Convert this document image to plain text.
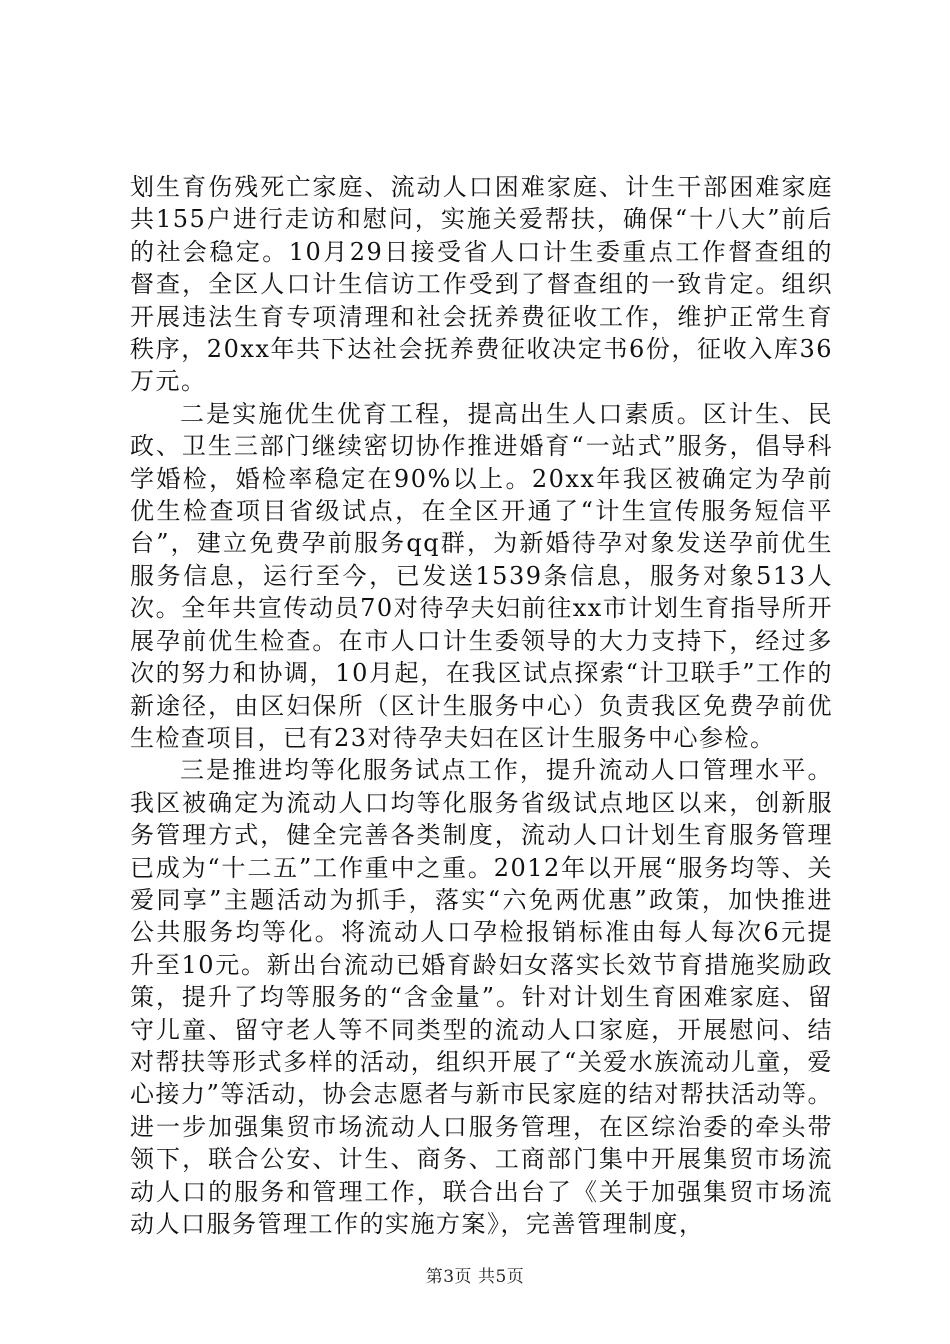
划生育伤残死亡家庭、流动人口困难家庭、计生干部困难家庭共155户进行走访和慰问，实施关爱帮扶，确保“十八大”前后的社会稳定。10月29日接受省人口计生委重点工作督查组的督查，全区人口计生信访工作受到了督查组的一致肯定。组织开展违法生育专项清理和社会抚养费征收工作，维护正常生育秩序，20xx年共下达社会抚养费征收决定书6份，征收入库36万元。

二是实施优生优育工程，提高出生人口素质。区计生、民政、卫生三部门继续密切协作推进婚育“一站式”服务，倡导科学婚检，婚检率稳定在90%以上。20xx年我区被确定为孕前优生检查项目省级试点，在全区开通了“计生宣传服务短信平台”，建立免费孕前服务qq群，为新婚待孕对象发送孕前优生服务信息，运行至今，已发送1539条信息，服务对象513人次。全年共宣传动员70对待孕夫妇前往xx市计划生育指导所开展孕前优生检查。在市人口计生委领导的大力支持下，经过多次的努力和协调，10月起，在我区试点探索“计卫联手”工作的新途径，由区妇保所（区计生服务中心）负责我区免费孕前优生检查项目，已有23对待孕夫妇在区计生服务中心参检。

三是推进均等化服务试点工作，提升流动人口管理水平。我区被确定为流动人口均等化服务省级试点地区以来，创新服务管理方式，健全完善各类制度，流动人口计划生育服务管理已成为“十二五”工作重中之重。2012年以开展“服务均等、关爱同享”主题活动为抓手，落实“六免两优惠”政策，加快推进公共服务均等化。将流动人口孕检报销标准由每人每次6元提升至10元。新出台流动已婚育龄妇女落实长效节育措施奖励政策，提升了均等服务的“含金量”。针对计划生育困难家庭、留守儿童、留守老人等不同类型的流动人口家庭，开展慰问、结对帮扶等形式多样的活动，组织开展了“关爱水族流动儿童，爱心接力”等活动，协会志愿者与新市民家庭的结对帮扶活动等。进一步加强集贸市场流动人口服务管理，在区综治委的牵头带领下，联合公安、计生、商务、工商部门集中开展集贸市场流动人口的服务和管理工作，联合出台了《关于加强集贸市场流动人口服务管理工作的实施方案》，完善管理制度，

第3页 共5页
